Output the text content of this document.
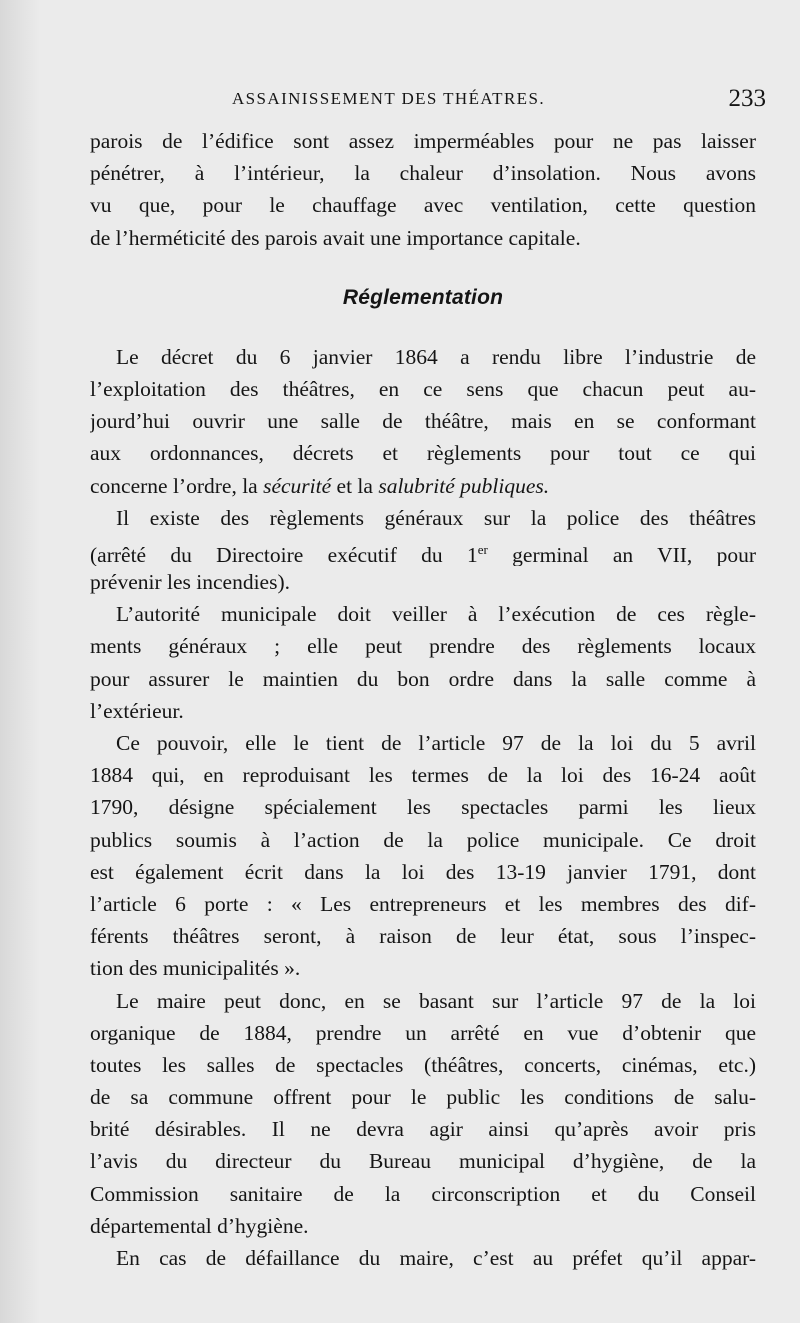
ASSAINISSEMENT DES THÉATRES.	233
parois de l’édifice sont assez imperméables pour ne pas laisser
pénétrer, à l’intérieur, la chaleur d’insolation. Nous avons
vu que, pour le chauffage avec ventilation, cette question
de l’herméticité des parois avait une importance capitale.
Réglementation
Le décret du 6 janvier 1864 a rendu libre l’industrie de
l’exploitation des théâtres, en ce sens que chacun peut au-
jourd’hui ouvrir une salle de théâtre, mais en se conformant
aux ordonnances, décrets et règlements pour tout ce qui
concerne l’ordre, la sécurité et la salubrité publiques.
Il existe des règlements généraux sur la police des théâtres
(arrêté du Directoire exécutif du 1er germinal an VII, pour
prévenir les incendies).
L’autorité municipale doit veiller à l’exécution de ces règle-
ments généraux ; elle peut prendre des règlements locaux
pour assurer le maintien du bon ordre dans la salle comme à
l’extérieur.
Ce pouvoir, elle le tient de l’article 97 de la loi du 5 avril
1884 qui, en reproduisant les termes de la loi des 16-24 août
1790, désigne spécialement les spectacles parmi les lieux
publics soumis à l’action de la police municipale. Ce droit
est également écrit dans la loi des 13-19 janvier 1791, dont
l’article 6 porte : « Les entrepreneurs et les membres des dif-
férents théâtres seront, à raison de leur état, sous l’inspec-
tion des municipalités ».
Le maire peut donc, en se basant sur l’article 97 de la loi
organique de 1884, prendre un arrêté en vue d’obtenir que
toutes les salles de spectacles (théâtres, concerts, cinémas, etc.)
de sa commune offrent pour le public les conditions de salu-
brité désirables. Il ne devra agir ainsi qu’après avoir pris
l’avis du directeur du Bureau municipal d’hygiène, de la
Commission sanitaire de la circonscription et du Conseil
départemental d’hygiène.
En cas de défaillance du maire, c’est au préfet qu’il appar-
